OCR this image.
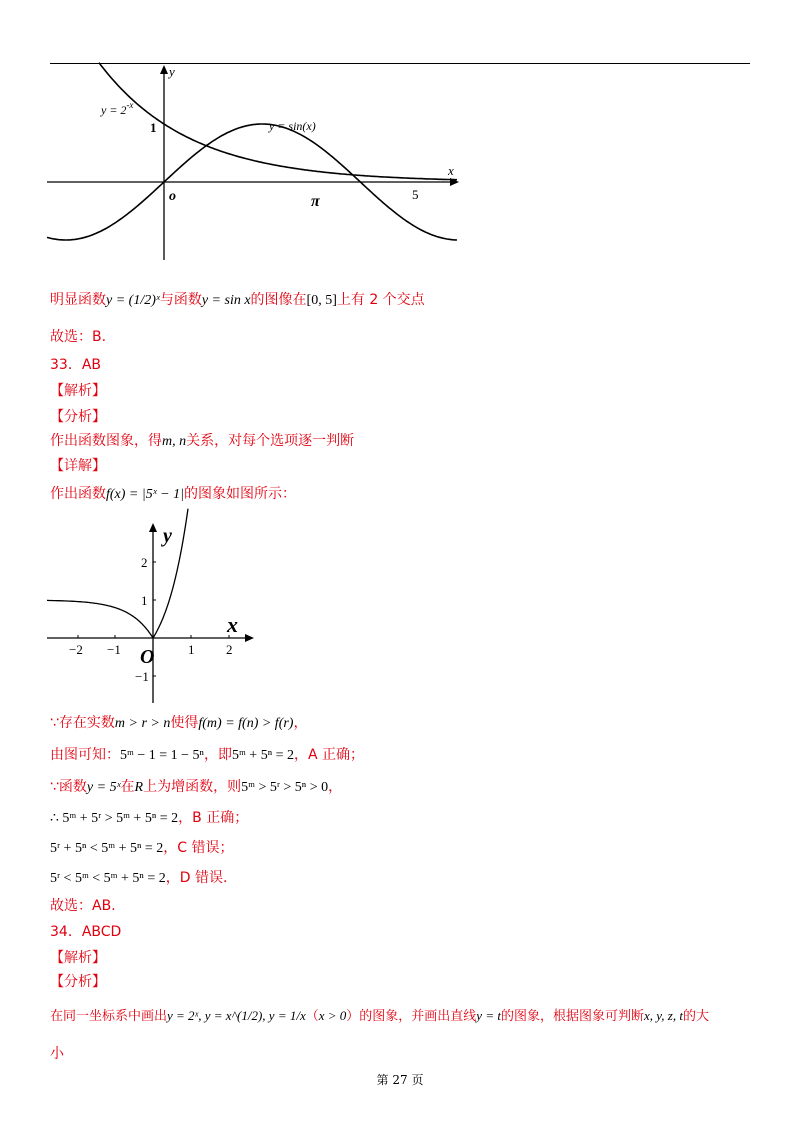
y
x
1
o	π	5
$y = 2^{-x}$
y = sin(x)
明显函数y = (1/2)ˣ与函数y = sin x的图像在[0, 5]上有 2 个交点
故选：B.
33．AB
【解析】
【分析】
作出函数图象，得m, n关系，对每个选项逐一判断
【详解】
作出函数f(x) = |5ˣ − 1|的图象如图所示：
y
x
O
−2 −1	1 2
2
1
−1
∵存在实数m > r > n使得f(m) = f(n) > f(r)，
由图可知：5ᵐ − 1 = 1 − 5ⁿ，即5ᵐ + 5ⁿ = 2，A 正确；
∵函数y = 5ˣ在R上为增函数，则5ᵐ > 5ʳ > 5ⁿ > 0，
∴ 5ᵐ + 5ʳ > 5ᵐ + 5ⁿ = 2，B 正确；
5ʳ + 5ⁿ < 5ᵐ + 5ⁿ = 2，C 错误；
5ʳ < 5ᵐ < 5ᵐ + 5ⁿ = 2，D 错误.
故选：AB.
34．ABCD
【解析】
【分析】
在同一坐标系中画出y = 2ˣ, y = x^(1/2), y = 1/x（x > 0）的图象，并画出直线y = t的图象，根据图象可判断x, y, z, t的大
小
第 27 页
